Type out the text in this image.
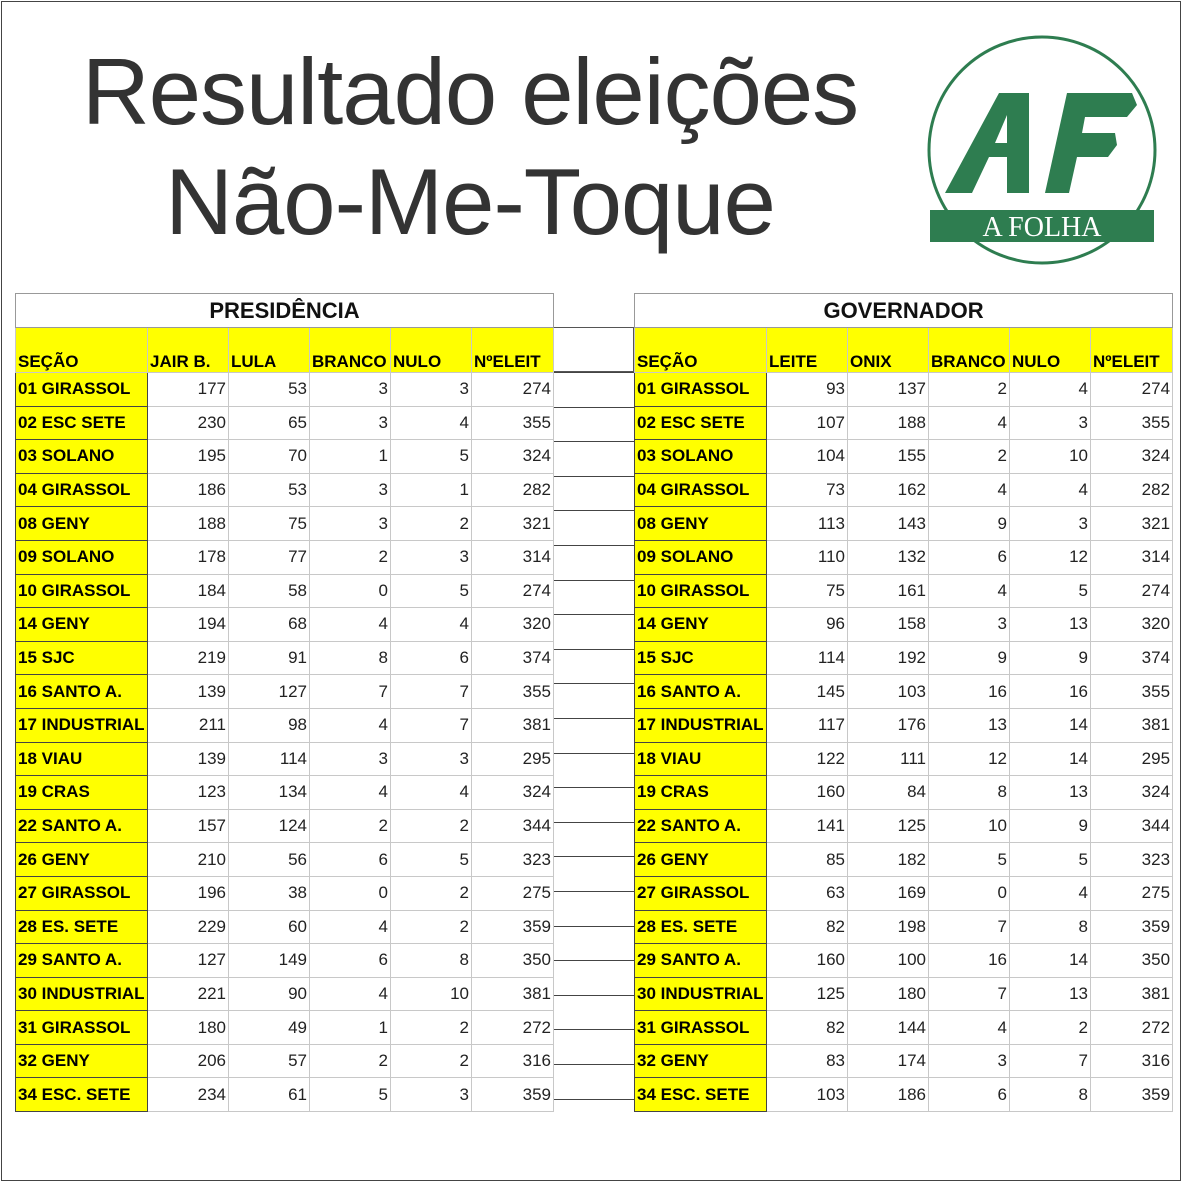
Resultado eleições
Não-Me-Toque	A FOLHA
PRESIDÊNCIA					
SEÇÃO	JAIR B.	LULA	BRANCO	NULO	NºELEIT
01 GIRASSOL	177	53	3	3	274
02 ESC SETE	230	65	3	4	355
03 SOLANO	195	70	1	5	324
04 GIRASSOL	186	53	3	1	282
08 GENY	188	75	3	2	321
09 SOLANO	178	77	2	3	314
10 GIRASSOL	184	58	0	5	274
14 GENY	194	68	4	4	320
15 SJC	219	91	8	6	374
16 SANTO A.	139	127	7	7	355
17 INDUSTRIAL	211	98	4	7	381
18 VIAU	139	114	3	3	295
19 CRAS	123	134	4	4	324
22 SANTO A.	157	124	2	2	344
26 GENY	210	56	6	5	323
27 GIRASSOL	196	38	0	2	275
28 ES. SETE	229	60	4	2	359
29 SANTO A.	127	149	6	8	350
30 INDUSTRIAL	221	90	4	10	381
31 GIRASSOL	180	49	1	2	272
32 GENY	206	57	2	2	316
34 ESC. SETE	234	61	5	3	359
GOVERNADOR					
SEÇÃO	LEITE	ONIX	BRANCO	NULO	NºELEIT
01 GIRASSOL	93	137	2	4	274
02 ESC SETE	107	188	4	3	355
03 SOLANO	104	155	2	10	324
04 GIRASSOL	73	162	4	4	282
08 GENY	113	143	9	3	321
09 SOLANO	110	132	6	12	314
10 GIRASSOL	75	161	4	5	274
14 GENY	96	158	3	13	320
15 SJC	114	192	9	9	374
16 SANTO A.	145	103	16	16	355
17 INDUSTRIAL	117	176	13	14	381
18 VIAU	122	111	12	14	295
19 CRAS	160	84	8	13	324
22 SANTO A.	141	125	10	9	344
26 GENY	85	182	5	5	323
27 GIRASSOL	63	169	0	4	275
28 ES. SETE	82	198	7	8	359
29 SANTO A.	160	100	16	14	350
30 INDUSTRIAL	125	180	7	13	381
31 GIRASSOL	82	144	4	2	272
32 GENY	83	174	3	7	316
34 ESC. SETE	103	186	6	8	359
